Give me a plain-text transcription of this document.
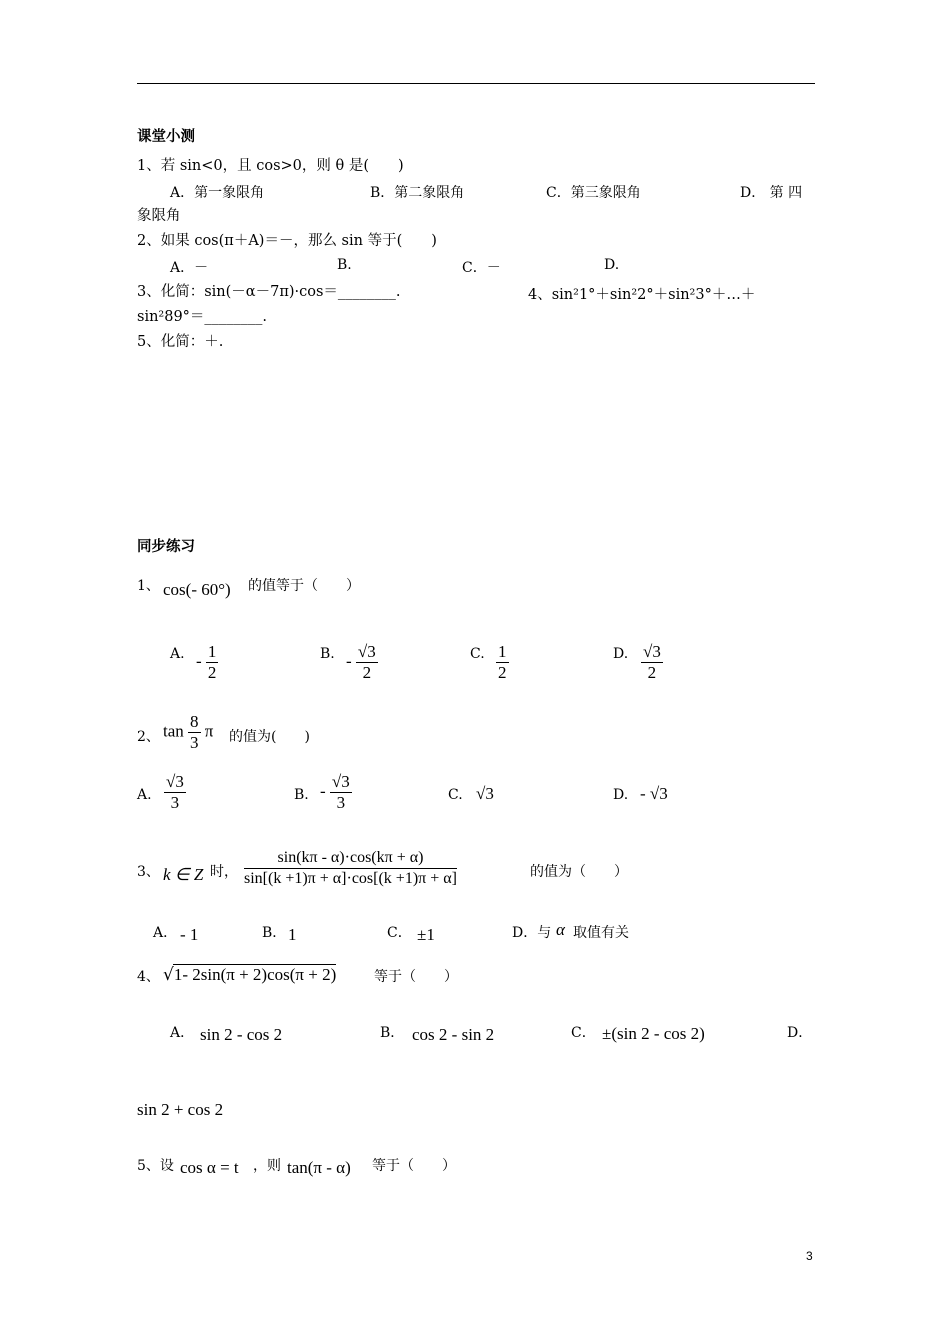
课堂小测
1、若 sin<0，且 cos>0，则 θ 是(　　)
A．第一象限角	B．第二象限角	C．第三象限角	D． 第 四
象限角
2、如果 cos(π＋A)＝－，那么 sin 等于(　　)
A．－	B.	C．－	D.
3、化简：sin(－α－7π)·cos＝________.	4、sin²1°＋sin²2°＋sin²3°＋…＋
sin²89°＝________.
5、化简：＋.
同步练习
1、 cos(- 60°) 的值等于（　　）
A. - $\frac{1}{2}$	B. - $\frac{√3}{2}$	C. $\frac{1}{2}$	D. $\frac{√3}{2}$
2、 $\tan \frac{8}{3}$ π 的值为(　　)
A. $\frac{√3}{3}$	B. - $\frac{√3}{3}$	C. √3	D. - √3
3、 k ∈ Z 时， $\frac{\sin(k\pi - \alpha)\cdot\cos(k\pi + \alpha)}{\sin[(k +1)\pi + \alpha]\cdot\cos[(k +1)\pi + \alpha]}$	的值为（　　）
A． - 1	B． 1	C． ±1	D．与 α 取值有关
4、 √1- 2sin(π + 2)cos(π + 2)	等于（　　）
A． sin 2 - cos 2	B． cos 2 - sin 2	C． ±(sin 2 - cos 2)	D．
sin 2 + cos 2
5、设 cos α = t ，则 tan(π - α) 等于（　　）
3
